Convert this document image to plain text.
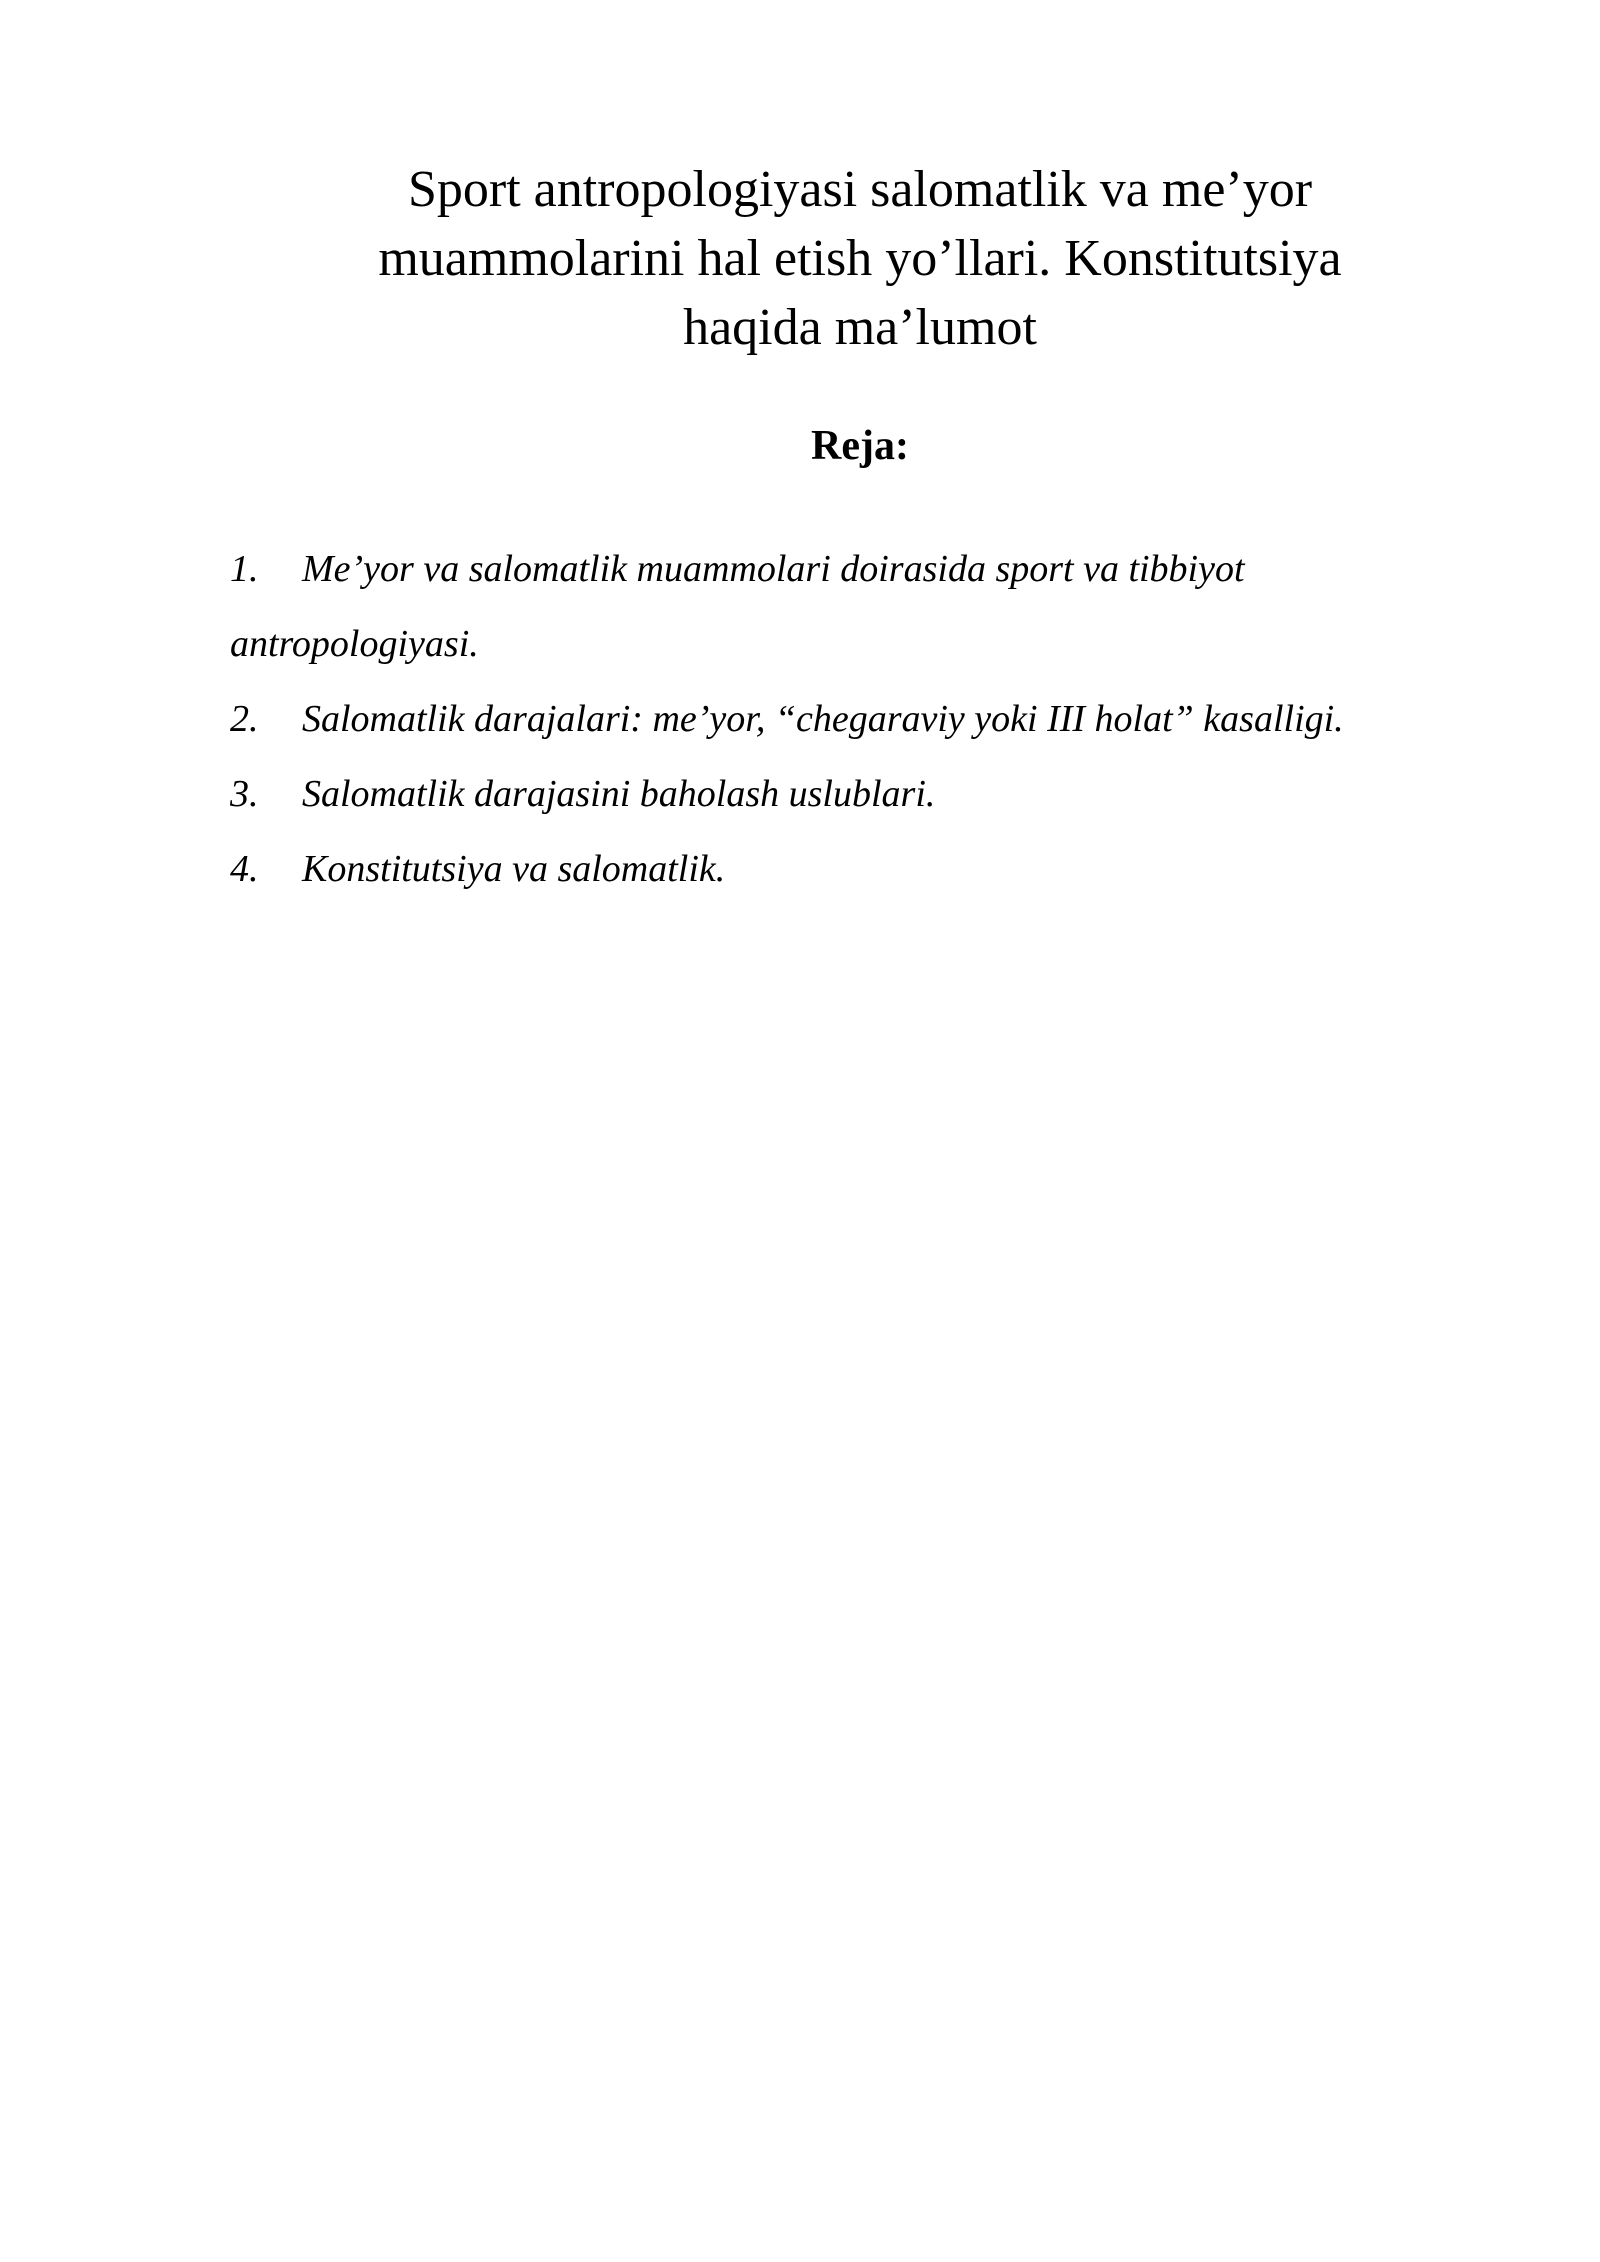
Sport antropologiyasi salomatlik va me’yor
muammolarini hal etish yo’llari. Konstitutsiya
haqida ma’lumot
Reja:
1. Me’yor va salomatlik muammolari doirasida sport va tibbiyot
antropologiyasi.
2. Salomatlik darajalari: me’yor, “chegaraviy yoki III holat” kasalligi.
3. Salomatlik darajasini baholash uslublari.
4. Konstitutsiya va salomatlik.
